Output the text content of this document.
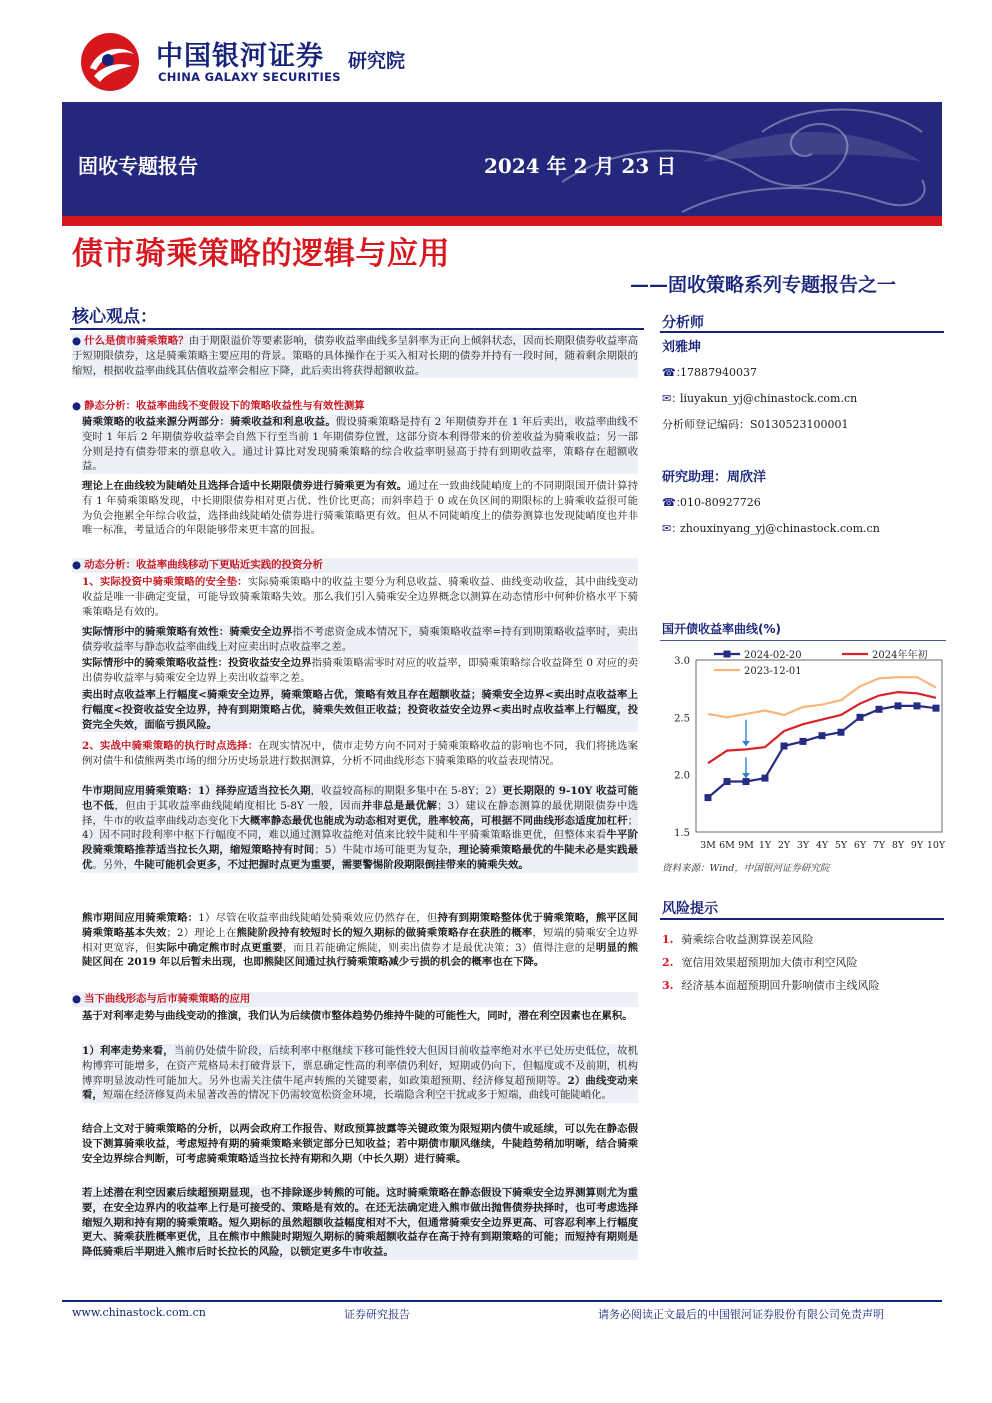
中国银河证券
CHINA GALAXY SECURITIES
研究院
固收专题报告	2024 年 2 月 23 日
债市骑乘策略的逻辑与应用
——固收策略系列专题报告之一
核心观点：
● 什么是债市骑乘策略？由于期限溢价等要素影响，债券收益率曲线多呈斜率为正向上倾斜状态，因而长期限债券收益率高于短期限债券，这是骑乘策略主要应用的背景。策略的具体操作在于买入相对长期的债券并持有一段时间，随着剩余期限的缩短，根据收益率曲线其估值收益率会相应下降，此后卖出将获得超额收益。
● 静态分析：收益率曲线不变假设下的策略收益性与有效性测算
骑乘策略的收益来源分两部分：骑乘收益和利息收益。假设骑乘策略是持有 2 年期债券并在 1 年后卖出，收益率曲线不变时 1 年后 2 年期债券收益率会自然下行至当前 1 年期债券位置，这部分资本利得带来的价差收益为骑乘收益；另一部分则是持有债券带来的票息收入。通过计算比对发现骑乘策略的综合收益率明显高于持有到期收益率，策略存在超额收益。
理论上在曲线较为陡峭处且选择合适中长期限债券进行骑乘更为有效。通过在一致曲线陡峭度上的不同期限国开债计算持有 1 年骑乘策略发现，中长期限债券相对更占优、性价比更高；而斜率趋于 0 或在负区间的期限标的上骑乘收益很可能为负会拖累全年综合收益，选择曲线陡峭处债券进行骑乘策略更有效。但从不同陡峭度上的债券测算也发现陡峭度也并非唯一标准，考量适合的年限能够带来更丰富的回报。
● 动态分析：收益率曲线移动下更贴近实践的投资分析
1、实际投资中骑乘策略的安全垫：实际骑乘策略中的收益主要分为利息收益、骑乘收益、曲线变动收益，其中曲线变动收益是唯一非确定变量，可能导致骑乘策略失效。那么我们引入骑乘安全边界概念以测算在动态情形中何种价格水平下骑乘策略是有效的。
实际情形中的骑乘策略有效性：骑乘安全边界指不考虑资金成本情况下，骑乘策略收益率=持有到期策略收益率时，卖出债券收益率与静态收益率曲线上对应卖出时点收益率之差。
实际情形中的骑乘策略收益性：投资收益安全边界指骑乘策略需零时对应的收益率，即骑乘策略综合收益降至 0 对应的卖出债券收益率与骑乘安全边界上卖出收益率之差。
卖出时点收益率上行幅度<骑乘安全边界，骑乘策略占优，策略有效且存在超额收益；骑乘安全边界<卖出时点收益率上行幅度<投资收益安全边界，持有到期策略占优，骑乘失效但正收益；投资收益安全边界<卖出时点收益率上行幅度，投资完全失效，面临亏损风险。
2、实战中骑乘策略的执行时点选择：在现实情况中，债市走势方向不同对于骑乘策略收益的影响也不同，我们将挑选案例对债牛和债熊两类市场的细分历史场景进行数据测算，分析不同曲线形态下骑乘策略的收益表现情况。
牛市期间应用骑乘策略：1）择券应适当拉长久期，收益较高标的期限多集中在 5-8Y；2）更长期限的 9-10Y 收益可能也不低，但由于其收益率曲线陡峭度相比 5-8Y 一般，因而并非总是最优解；3）建议在静态测算的最优期限债券中选择，牛市的收益率曲线动态变化下大概率静态最优也能成为动态相对更优，胜率较高，可根据不同曲线形态适度加杠杆；4）因不同时段利率中枢下行幅度不同，难以通过测算收益绝对值来比较牛陡和牛平骑乘策略谁更优，但整体来看牛平阶段骑乘策略推荐适当拉长久期，缩短策略持有时间；5）牛陡市场可能更为复杂，理论骑乘策略最优的牛陡未必是实践最优。另外，牛陡可能机会更多，不过把握时点更为重要，需要警惕阶段期限倒挂带来的骑乘失效。
熊市期间应用骑乘策略：1）尽管在收益率曲线陡峭处骑乘效应仍然存在，但持有到期策略整体优于骑乘策略，熊平区间骑乘策略基本失效；2）理论上在熊陡阶段持有较短时长的短久期标的做骑乘策略存在获胜的概率，短端的骑乘安全边界相对更宽容，但实际中确定熊市时点更重要，而且若能确定熊陡，则卖出债券才是最优决策；3）值得注意的是明显的熊陡区间在 2019 年以后暂未出现，也即熊陡区间通过执行骑乘策略减少亏损的机会的概率也在下降。
● 当下曲线形态与后市骑乘策略的应用
基于对利率走势与曲线变动的推演，我们认为后续债市整体趋势仍维持牛陡的可能性大，同时，潜在利空因素也在累积。
1）利率走势来看，当前仍处债牛阶段，后续利率中枢继续下移可能性较大但因目前收益率绝对水平已处历史低位，故机构博弈可能增多，在资产荒格局未打破背景下，票息确定性高的利率债仍利好，短期或仍向下，但幅度或不及前期，机构博弈明显波动性可能加大。另外也需关注债牛尾声转熊的关键要素，如政策超预期、经济修复超预期等。2）曲线变动来看，短端在经济修复尚未显著改善的情况下仍需较宽松资金环境，长端隐含利空干扰或多于短端，曲线可能陡峭化。
结合上文对于骑乘策略的分析，以两会政府工作报告、财政预算披露等关键政策为限短期内债牛或延续，可以先在静态假设下测算骑乘收益，考虑短持有期的骑乘策略来锁定部分已知收益；若中期债市顺风继续，牛陡趋势稍加明晰，结合骑乘安全边界综合判断，可考虑骑乘策略适当拉长持有期和久期（中长久期）进行骑乘。
若上述潜在利空因素后续超预期显现，也不排除逐步转熊的可能。这时骑乘策略在静态假设下骑乘安全边界测算则尤为重要，在安全边界内的收益率上行是可接受的、策略是有效的。在还无法确定进入熊市做出抛售债券抉择时，也可考虑选择缩短久期和持有期的骑乘策略。短久期标的虽然超额收益幅度相对不大，但通常骑乘安全边界更高、可容忍利率上行幅度更大、骑乘获胜概率更优，且在熊市中熊陡时期短久期标的骑乘超额收益存在高于持有到期策略的可能；而短持有期则是降低骑乘后半期进入熊市后时长拉长的风险，以锁定更多牛市收益。
分析师
刘雅坤
☎：17887940037
✉：liuyakun_yj@chinastock.com.cn
分析师登记编码：S0130523100001
研究助理：周欣洋
☎：010-80927726
✉：zhouxinyang_yj@chinastock.com.cn
国开债收益率曲线(%)
1.5
2.0
2.5
3.0
3M 6M 9M 1Y 2Y 3Y 4Y 5Y 6Y 7Y 8Y 9Y 10Y
2024-02-20	2024年年初
2023-12-01
资料来源：Wind，中国银河证券研究院
风险提示
1. 骑乘综合收益测算误差风险
2. 宽信用效果超预期加大债市利空风险
3. 经济基本面超预期回升影响债市主线风险
www.chinastock.com.cn	证券研究报告	请务必阅读正文最后的中国银河证券股份有限公司免责声明
